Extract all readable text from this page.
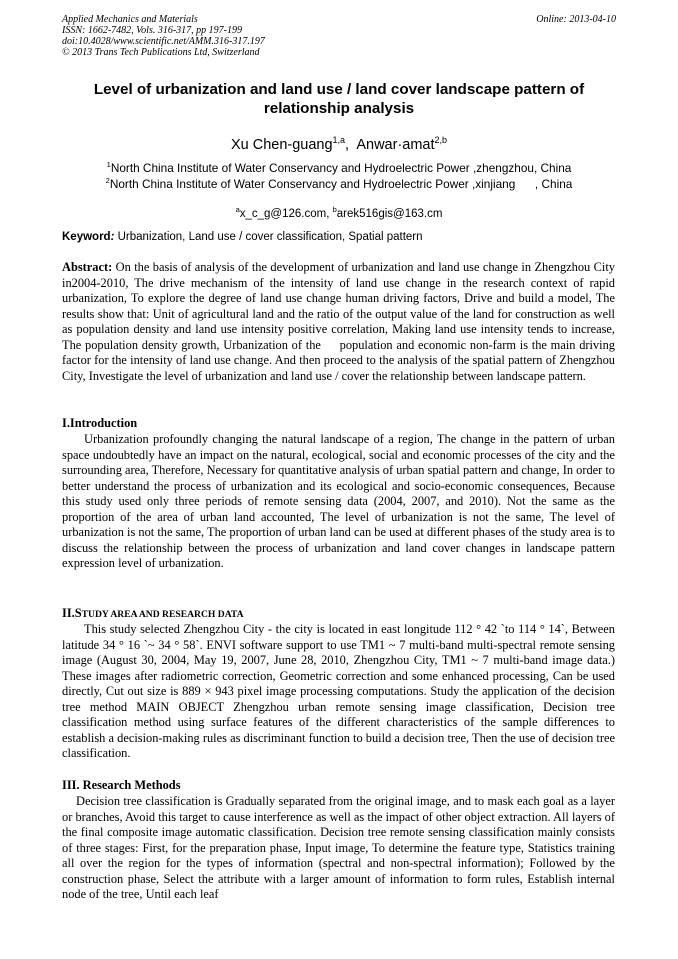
Applied Mechanics and Materials
ISSN: 1662-7482, Vols. 316-317, pp 197-199
doi:10.4028/www.scientific.net/AMM.316-317.197
© 2013 Trans Tech Publications Ltd, Switzerland
Online: 2013-04-10
Level of urbanization and land use / land cover landscape pattern of relationship analysis
Xu Chen-guang$^{1,a}$,  Anwar·amat$^{2,b}$
$^1$North China Institute of Water Conservancy and Hydroelectric Power ,zhengzhou, China
$^2$North China Institute of Water Conservancy and Hydroelectric Power ,xinjiang      , China
$^a$x_c_g@126.com, $^b$arek516gis@163.cm
Keyword: Urbanization, Land use / cover classification, Spatial pattern
Abstract: On the basis of analysis of the development of urbanization and land use change in Zhengzhou City in2004-2010, The drive mechanism of the intensity of land use change in the research context of rapid urbanization, To explore the degree of land use change human driving factors, Drive and build a model, The results show that: Unit of agricultural land and the ratio of the output value of the land for construction as well as population density and land use intensity positive correlation, Making land use intensity tends to increase, The population density growth, Urbanization of the     population and economic non-farm is the main driving factor for the intensity of land use change. And then proceed to the analysis of the spatial pattern of Zhengzhou City, Investigate the level of urbanization and land use / cover the relationship between landscape pattern.
I.Introduction
Urbanization profoundly changing the natural landscape of a region, The change in the pattern of urban space undoubtedly have an impact on the natural, ecological, social and economic processes of the city and the surrounding area, Therefore, Necessary for quantitative analysis of urban spatial pattern and change, In order to better understand the process of urbanization and its ecological and socio-economic consequences, Because this study used only three periods of remote sensing data (2004, 2007, and 2010). Not the same as the proportion of the area of urban land accounted, The level of urbanization is not the same, The level of urbanization is not the same, The proportion of urban land can be used at different phases of the study area is to discuss the relationship between the process of urbanization and land cover changes in landscape pattern expression level of urbanization.
II.STUDY AREA AND RESEARCH DATA
This study selected Zhengzhou City - the city is located in east longitude 112 ° 42 `to 114 ° 14`, Between latitude 34 ° 16 `~ 34 ° 58`. ENVI software support to use TM1 ~ 7 multi-band multi-spectral remote sensing image (August 30, 2004, May 19, 2007, June 28, 2010, Zhengzhou City, TM1 ~ 7 multi-band image data.) These images after radiometric correction, Geometric correction and some enhanced processing, Can be used directly, Cut out size is 889 × 943 pixel image processing computations. Study the application of the decision tree method MAIN OBJECT Zhengzhou urban remote sensing image classification, Decision tree classification method using surface features of the different characteristics of the sample differences to establish a decision-making rules as discriminant function to build a decision tree, Then the use of decision tree classification.
III. Research Methods
Decision tree classification is Gradually separated from the original image, and to mask each goal as a layer or branches, Avoid this target to cause interference as well as the impact of other object extraction. All layers of the final composite image automatic classification. Decision tree remote sensing classification mainly consists of three stages: First, for the preparation phase, Input image, To determine the feature type, Statistics training all over the region for the types of information (spectral and non-spectral information); Followed by the construction phase, Select the attribute with a larger amount of information to form rules, Establish internal node of the tree, Until each leaf
